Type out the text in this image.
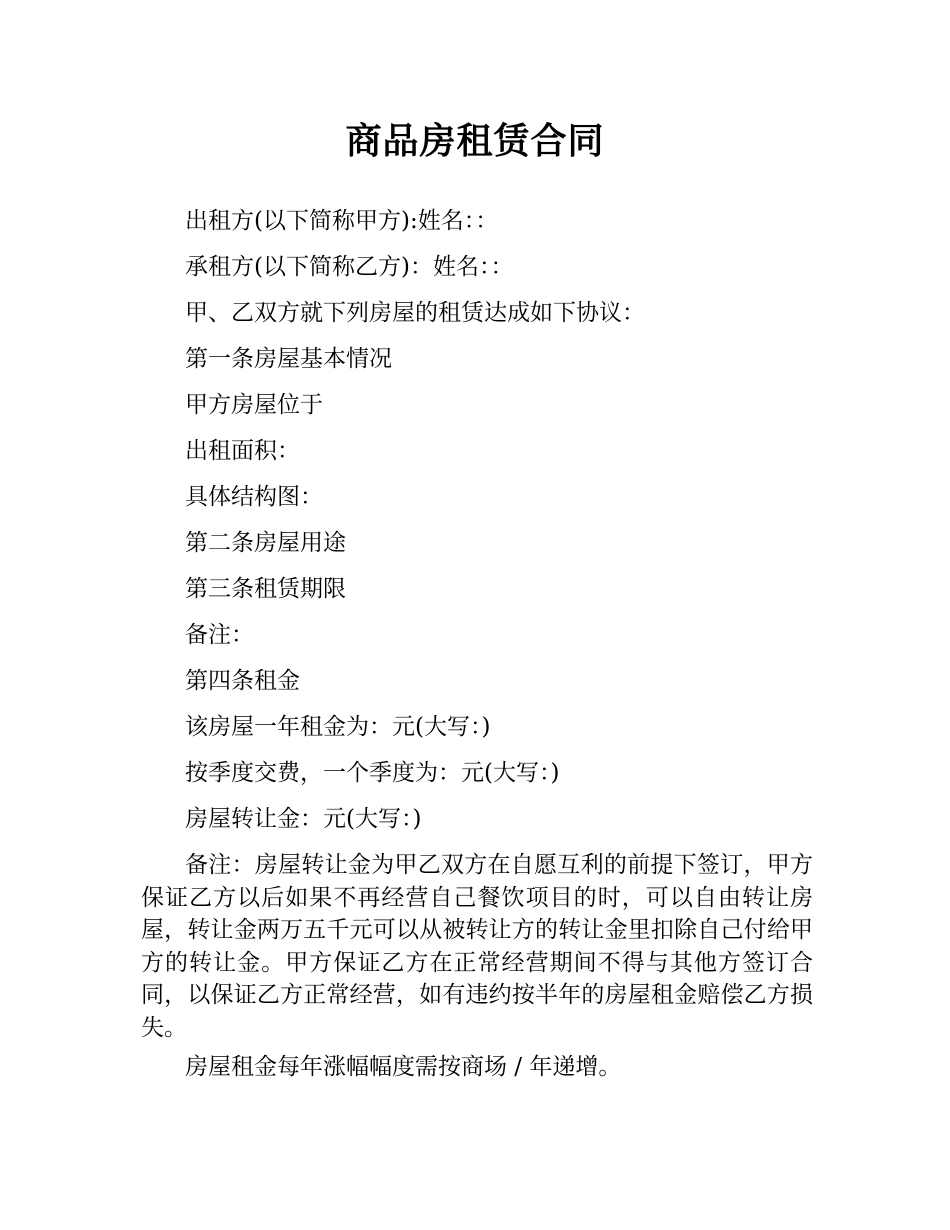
商品房租赁合同

出租方(以下简称甲方):姓名：：

承租方(以下简称乙方)：姓名：：

甲、乙双方就下列房屋的租赁达成如下协议：

第一条房屋基本情况

甲方房屋位于

出租面积：

具体结构图：

第二条房屋用途

第三条租赁期限

备注：

第四条租金

该房屋一年租金为：元(大写：)

按季度交费，一个季度为：元(大写：)

房屋转让金：元(大写：)

备注：房屋转让金为甲乙双方在自愿互利的前提下签订，甲方保证乙方以后如果不再经营自己餐饮项目的时，可以自由转让房屋，转让金两万五千元可以从被转让方的转让金里扣除自己付给甲方的转让金。甲方保证乙方在正常经营期间不得与其他方签订合同，以保证乙方正常经营，如有违约按半年的房屋租金赔偿乙方损失。

房屋租金每年涨幅幅度需按商场 / 年递增。
